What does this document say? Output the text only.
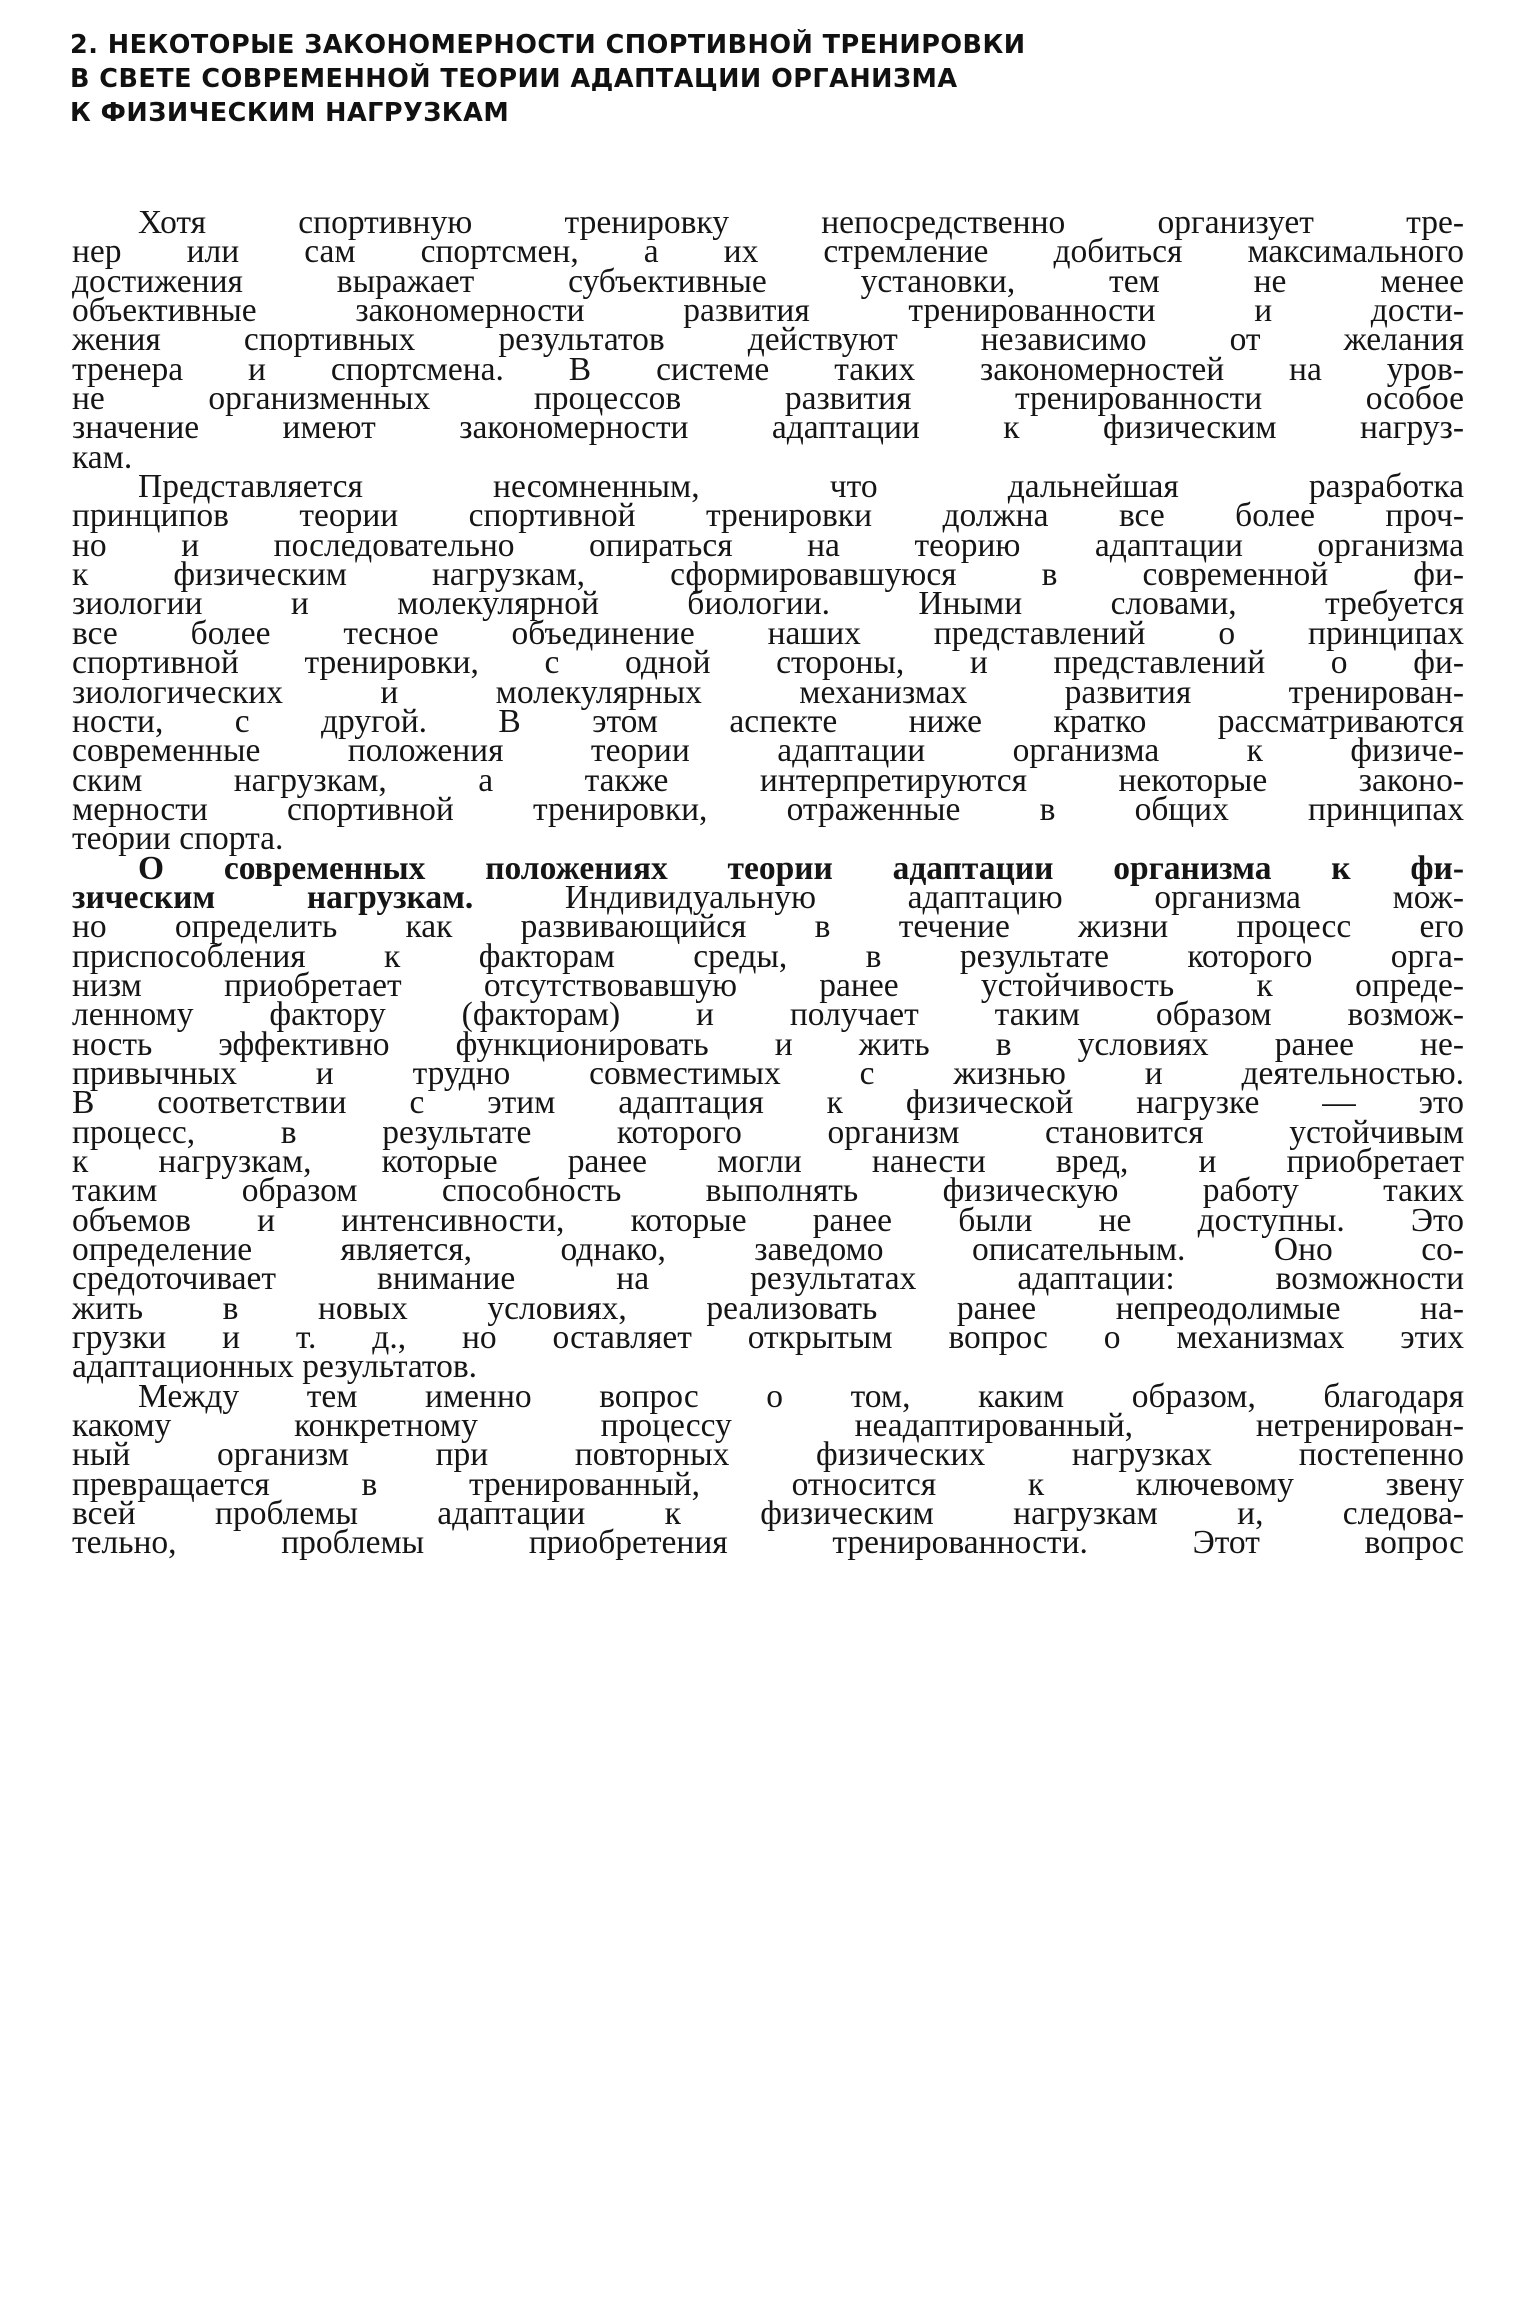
2. НЕКОТОРЫЕ ЗАКОНОМЕРНОСТИ СПОРТИВНОЙ ТРЕНИРОВКИ
В СВЕТЕ СОВРЕМЕННОЙ ТЕОРИИ АДАПТАЦИИ ОРГАНИЗМА
К ФИЗИЧЕСКИМ НАГРУЗКАМ
Хотя спортивную тренировку непосредственно организует тре-
нер или сам спортсмен, а их стремление добиться максимального
достижения выражает субъективные установки, тем не менее
объективные закономерности развития тренированности и дости-
жения спортивных результатов действуют независимо от желания
тренера и спортсмена. В системе таких закономерностей на уров-
не организменных процессов развития тренированности особое
значение имеют закономерности адаптации к физическим нагруз-
кам.
Представляется несомненным, что дальнейшая разработка
принципов теории спортивной тренировки должна все более проч-
но и последовательно опираться на теорию адаптации организма
к физическим нагрузкам, сформировавшуюся в современной фи-
зиологии и молекулярной биологии. Иными словами, требуется
все более тесное объединение наших представлений о принципах
спортивной тренировки, с одной стороны, и представлений о фи-
зиологических и молекулярных механизмах развития тренирован-
ности, с другой. В этом аспекте ниже кратко рассматриваются
современные положения теории адаптации организма к физиче-
ским нагрузкам, а также интерпретируются некоторые законо-
мерности спортивной тренировки, отраженные в общих принципах
теории спорта.
О современных положениях теории адаптации организма к фи-
зическим нагрузкам. Индивидуальную адаптацию организма мож-
но определить как развивающийся в течение жизни процесс его
приспособления к факторам среды, в результате которого орга-
низм приобретает отсутствовавшую ранее устойчивость к опреде-
ленному фактору (факторам) и получает таким образом возмож-
ность эффективно функционировать и жить в условиях ранее не-
привычных и трудно совместимых с жизнью и деятельностью.
В соответствии с этим адаптация к физической нагрузке — это
процесс, в результате которого организм становится устойчивым
к нагрузкам, которые ранее могли нанести вред, и приобретает
таким образом способность выполнять физическую работу таких
объемов и интенсивности, которые ранее были не доступны. Это
определение является, однако, заведомо описательным. Оно со-
средоточивает внимание на результатах адаптации: возможности
жить в новых условиях, реализовать ранее непреодолимые на-
грузки и т. д., но оставляет открытым вопрос о механизмах этих
адаптационных результатов.
Между тем именно вопрос о том, каким образом, благодаря
какому конкретному процессу неадаптированный, нетренирован-
ный организм при повторных физических нагрузках постепенно
превращается в тренированный, относится к ключевому звену
всей проблемы адаптации к физическим нагрузкам и, следова-
тельно, проблемы приобретения тренированности. Этот вопрос
